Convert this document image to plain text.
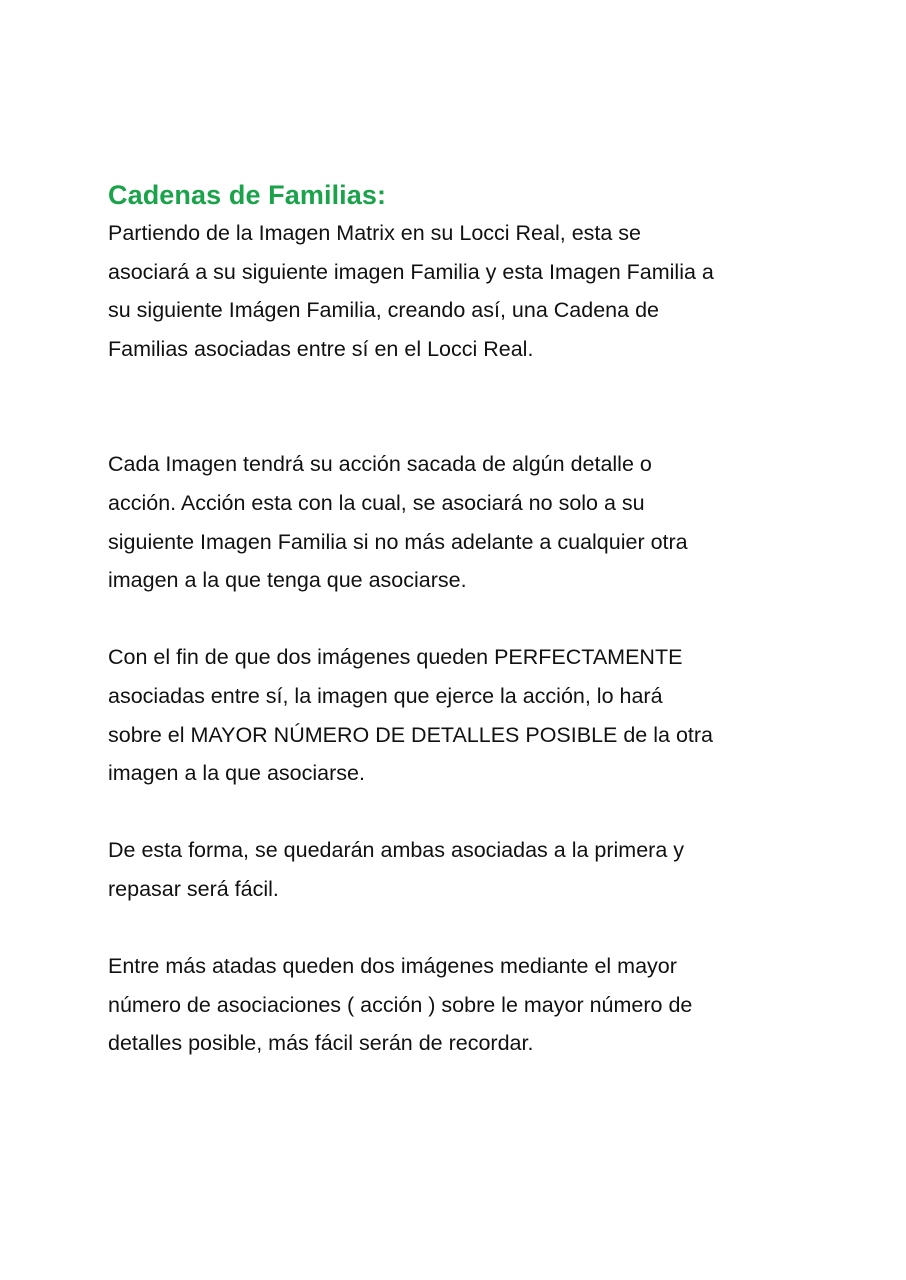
Cadenas de Familias:

Partiendo de la Imagen Matrix en su Locci Real, esta se
asociará a su siguiente imagen Familia y esta Imagen Familia a
su siguiente Imágen Familia, creando así, una Cadena de
Familias asociadas entre sí en el Locci Real.

Cada Imagen tendrá su acción sacada de algún detalle o
acción. Acción esta con la cual, se asociará no solo a su
siguiente Imagen Familia si no más adelante a cualquier otra
imagen a la que tenga que asociarse.

Con el fin de que dos imágenes queden PERFECTAMENTE
asociadas entre sí, la imagen que ejerce la acción, lo hará
sobre el MAYOR NÚMERO DE DETALLES POSIBLE de la otra
imagen a la que asociarse.

De esta forma, se quedarán ambas asociadas a la primera y
repasar será fácil.

Entre más atadas queden dos imágenes mediante el mayor
número de asociaciones ( acción ) sobre le mayor número de
detalles posible, más fácil serán de recordar.
